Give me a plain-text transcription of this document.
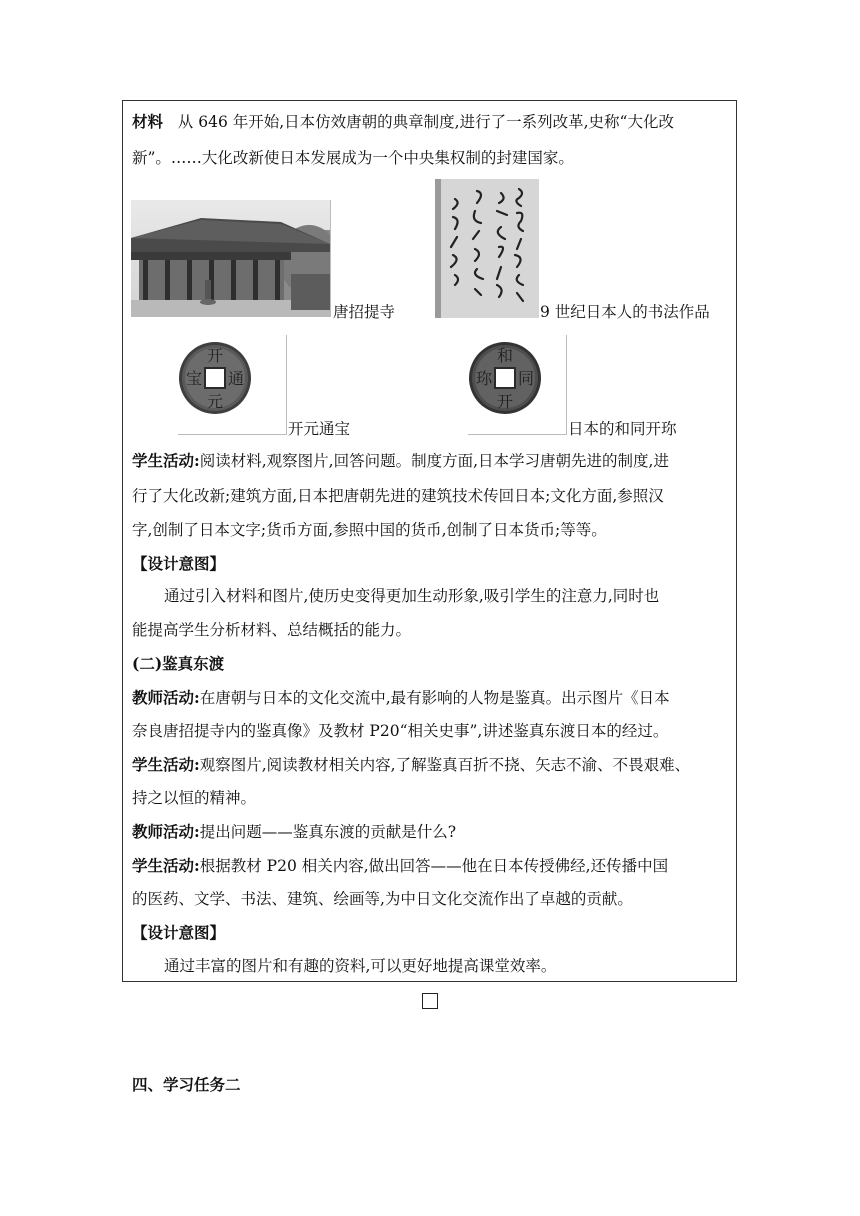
材料 从 646 年开始,日本仿效唐朝的典章制度,进行了一系列改革,史称“大化改
新”。……大化改新使日本发展成为一个中央集权制的封建国家。
唐招提寺	9 世纪日本人的书法作品
开
元
通
宝
开元通宝
和
同
开
珎
日本的和同开珎
学生活动:阅读材料,观察图片,回答问题。制度方面,日本学习唐朝先进的制度,进
行了大化改新;建筑方面,日本把唐朝先进的建筑技术传回日本;文化方面,参照汉
字,创制了日本文字;货币方面,参照中国的货币,创制了日本货币;等等。
【设计意图】
通过引入材料和图片,使历史变得更加生动形象,吸引学生的注意力,同时也
能提高学生分析材料、总结概括的能力。
(二)鉴真东渡
教师活动:在唐朝与日本的文化交流中,最有影响的人物是鉴真。出示图片《日本
奈良唐招提寺内的鉴真像》及教材 P20“相关史事”,讲述鉴真东渡日本的经过。
学生活动:观察图片,阅读教材相关内容,了解鉴真百折不挠、矢志不渝、不畏艰难、
持之以恒的精神。
教师活动:提出问题——鉴真东渡的贡献是什么?
学生活动:根据教材 P20 相关内容,做出回答——他在日本传授佛经,还传播中国
的医药、文学、书法、建筑、绘画等,为中日文化交流作出了卓越的贡献。
【设计意图】
通过丰富的图片和有趣的资料,可以更好地提高课堂效率。
四、学习任务二
